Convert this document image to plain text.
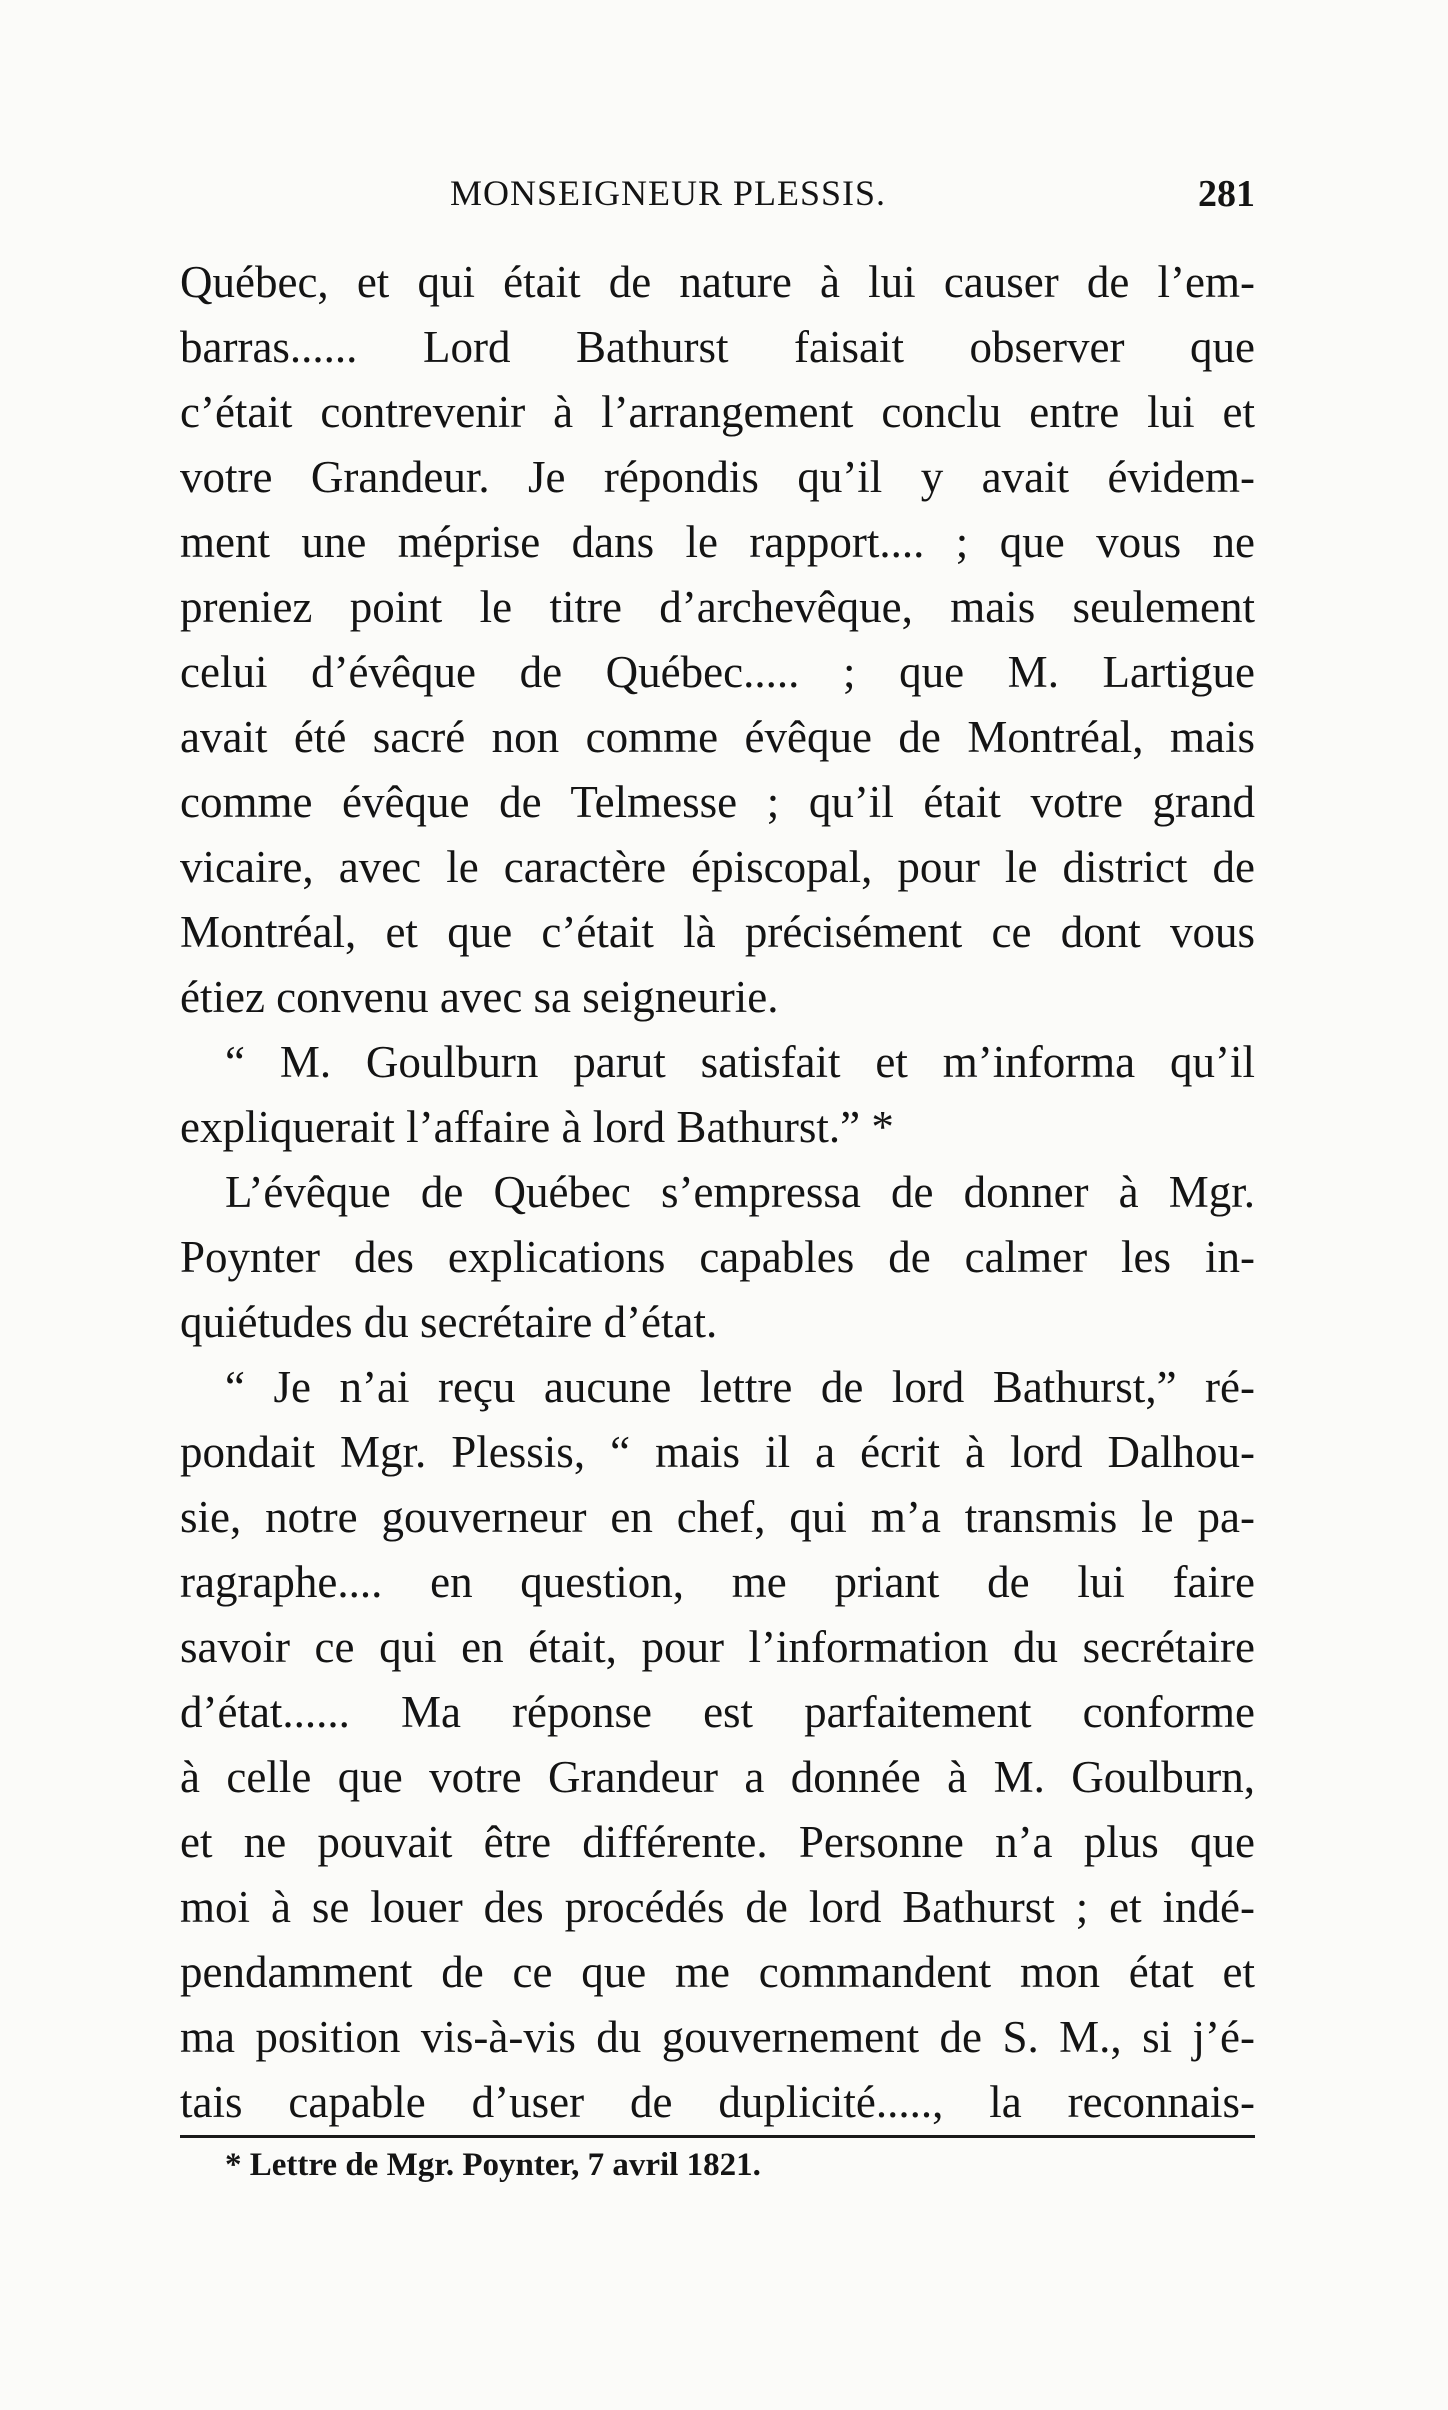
MONSEIGNEUR PLESSIS.	281
Québec, et qui était de nature à lui causer de l’em-
barras...... Lord Bathurst faisait observer que
c’était contrevenir à l’arrangement conclu entre lui et
votre Grandeur. Je répondis qu’il y avait évidem-
ment une méprise dans le rapport.... ; que vous ne
preniez point le titre d’archevêque, mais seulement
celui d’évêque de Québec..... ; que M. Lartigue
avait été sacré non comme évêque de Montréal, mais
comme évêque de Telmesse ; qu’il était votre grand
vicaire, avec le caractère épiscopal, pour le district de
Montréal, et que c’était là précisément ce dont vous
étiez convenu avec sa seigneurie.
“ M. Goulburn parut satisfait et m’informa qu’il
expliquerait l’affaire à lord Bathurst.” *
L’évêque de Québec s’empressa de donner à Mgr.
Poynter des explications capables de calmer les in-
quiétudes du secrétaire d’état.
“ Je n’ai reçu aucune lettre de lord Bathurst,” ré-
pondait Mgr. Plessis, “ mais il a écrit à lord Dalhou-
sie, notre gouverneur en chef, qui m’a transmis le pa-
ragraphe.... en question, me priant de lui faire
savoir ce qui en était, pour l’information du secrétaire
d’état...... Ma réponse est parfaitement conforme
à celle que votre Grandeur a donnée à M. Goulburn,
et ne pouvait être différente. Personne n’a plus que
moi à se louer des procédés de lord Bathurst ; et indé-
pendamment de ce que me commandent mon état et
ma position vis-à-vis du gouvernement de S. M., si j’é-
tais capable d’user de duplicité....., la reconnais-
* Lettre de Mgr. Poynter, 7 avril 1821.
